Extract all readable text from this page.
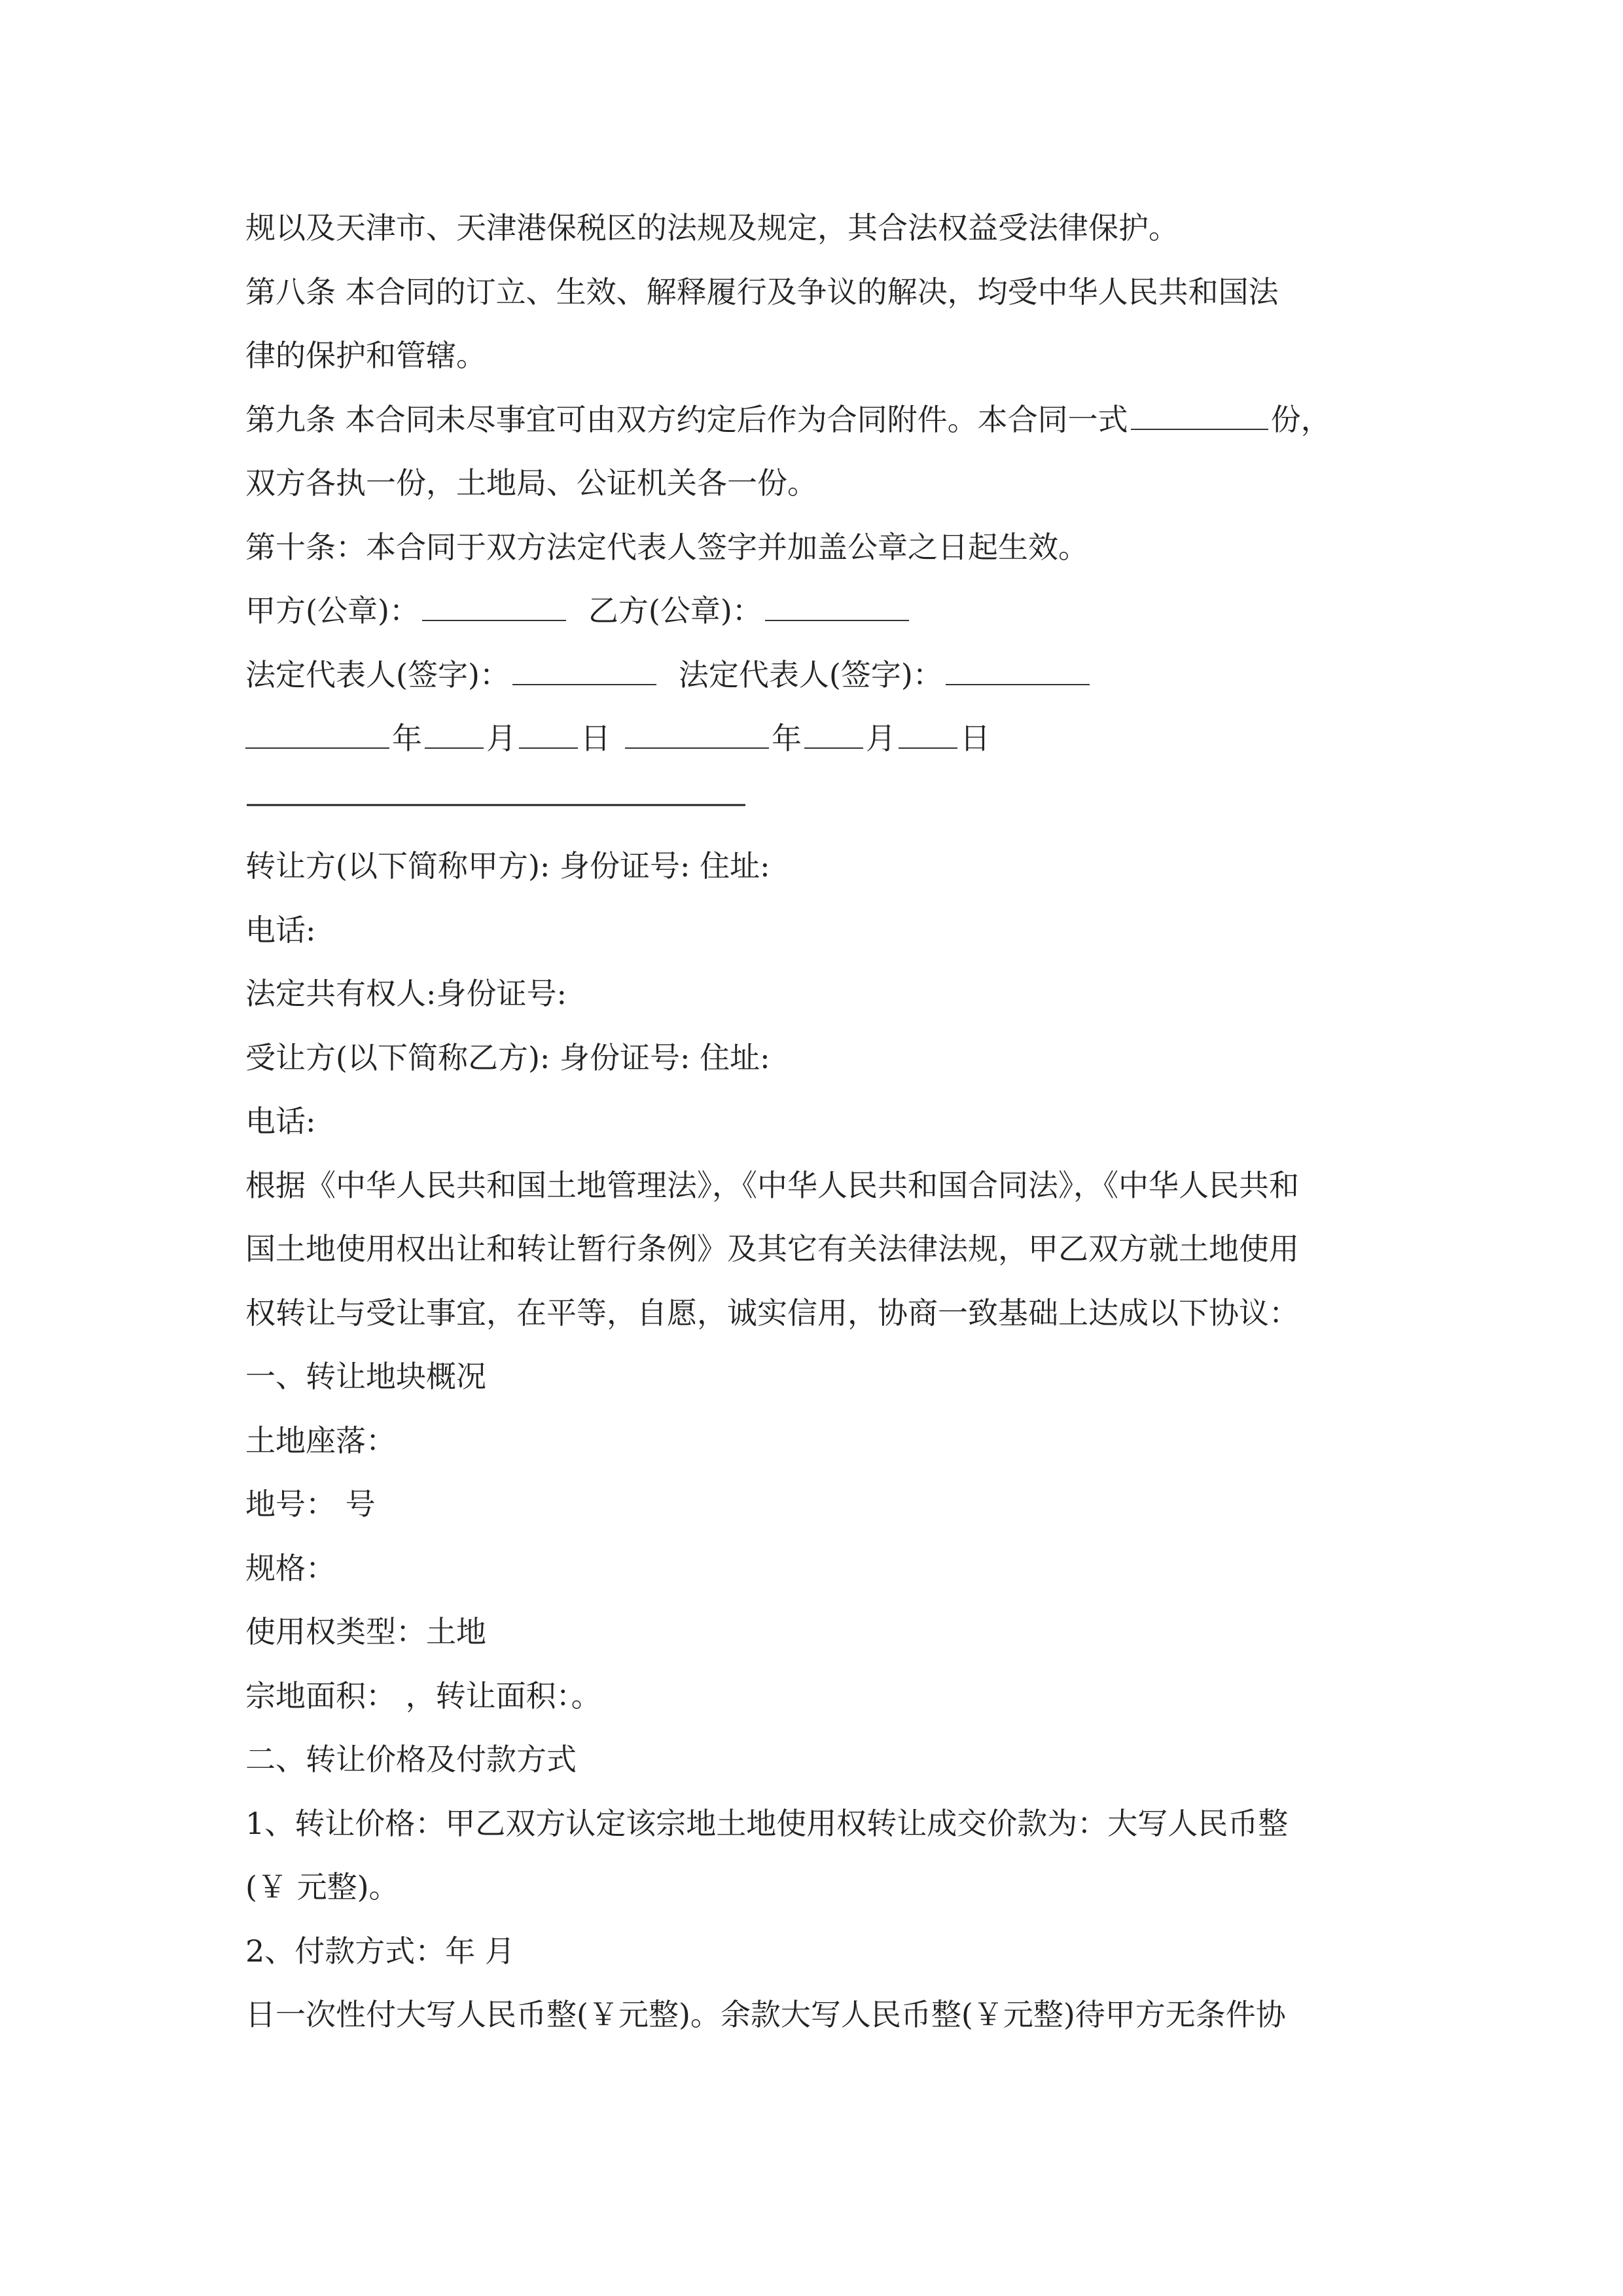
规以及天津市、天津港保税区的法规及规定，其合法权益受法律保护。
第八条 本合同的订立、生效、解释履行及争议的解决，均受中华人民共和国法
律的保护和管辖。
第九条 本合同未尽事宜可由双方约定后作为合同附件。本合同一式	份，
双方各执一份，土地局、公证机关各一份。
第十条：本合同于双方法定代表人签字并加盖公章之日起生效。
甲方(公章)：	乙方(公章)：
法定代表人(签字)：	法定代表人(签字)：
年 月 日	年 月 日
———————————————————
转让方(以下简称甲方): 身份证号: 住址:
电话:
法定共有权人:身份证号:
受让方(以下简称乙方): 身份证号: 住址:
电话:
根据《中华人民共和国土地管理法》，《中华人民共和国合同法》，《中华人民共和
国土地使用权出让和转让暂行条例》及其它有关法律法规，甲乙双方就土地使用
权转让与受让事宜，在平等，自愿，诚实信用，协商一致基础上达成以下协议：
一、转让地块概况
土地座落：
地号： 号
规格：
使用权类型：土地
宗地面积： ，转让面积：。
二、转让价格及付款方式
1、转让价格：甲乙双方认定该宗地土地使用权转让成交价款为：大写人民币整
(￥ 元整)。
2、付款方式：年 月
日一次性付大写人民币整(￥元整)。余款大写人民币整(￥元整)待甲方无条件协
